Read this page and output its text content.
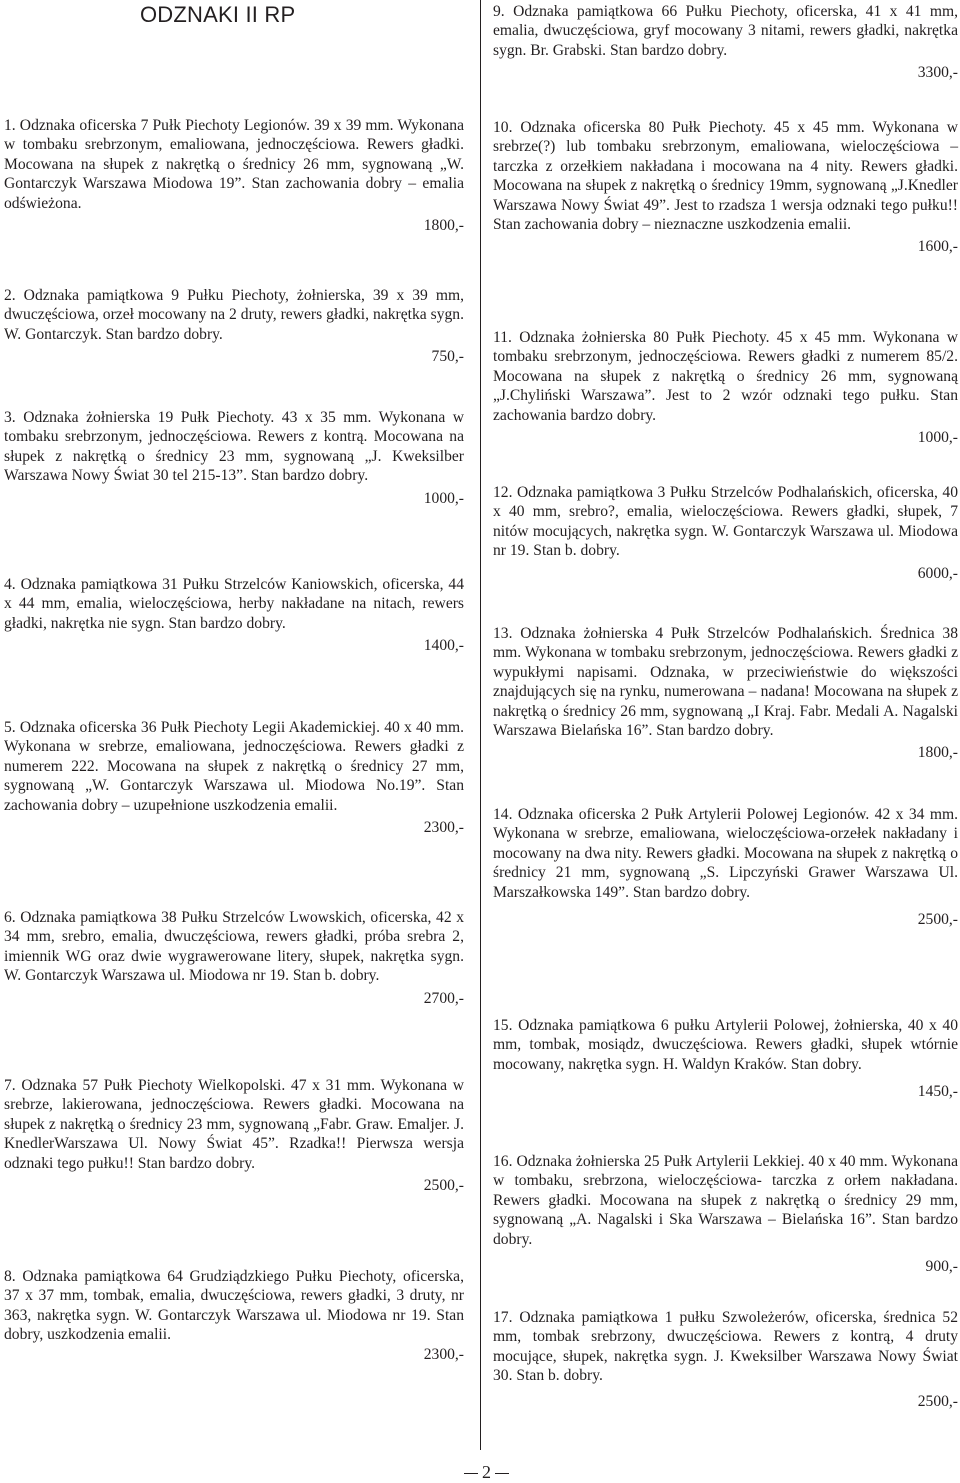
ODZNAKI II RP
1. Odznaka oficerska 7 Pułk Piechoty Legionów. 39 x 39 mm. Wykonana w tombaku srebrzonym, emaliowana, jednoczęściowa. Rewers gładki. Mocowana na słupek z nakrętką o średnicy 26 mm, sygnowaną „W. Gontarczyk Warszawa Miodowa 19”. Stan zachowania dobry – emalia odświeżona.
1800,-
2. Odznaka pamiątkowa 9 Pułku Piechoty, żołnierska, 39 x 39 mm, dwuczęściowa, orzeł mocowany na 2 druty, rewers gładki, nakrętka sygn. W. Gontarczyk. Stan bardzo dobry.
750,-
3. Odznaka żołnierska 19 Pułk Piechoty. 43 x 35 mm. Wykonana w tombaku srebrzonym, jednoczęściowa. Rewers z kontrą. Mocowana na słupek z nakrętką o średnicy 23 mm, sygnowaną „J. Kweksilber Warszawa Nowy Świat 30 tel 215-13”. Stan bardzo dobry.
1000,-
4. Odznaka pamiątkowa 31 Pułku Strzelców Kaniowskich, oficerska, 44 x 44 mm, emalia, wieloczęściowa, herby nakładane na nitach, rewers gładki, nakrętka nie sygn. Stan bardzo dobry.
1400,-
5. Odznaka oficerska 36 Pułk Piechoty Legii Akademickiej. 40 x 40 mm. Wykonana w srebrze, emaliowana, jednoczęściowa. Rewers gładki z numerem 222. Mocowana na słupek z nakrętką o średnicy 27 mm, sygnowaną „W. Gontarczyk Warszawa ul. Miodowa No.19”. Stan zachowania dobry – uzupełnione uszkodzenia emalii.
2300,-
6. Odznaka pamiątkowa 38 Pułku Strzelców Lwowskich, oficerska, 42 x 34 mm, srebro, emalia, dwuczęściowa, rewers gładki, próba srebra 2, imiennik WG oraz dwie wygrawerowane litery, słupek, nakrętka sygn. W. Gontarczyk Warszawa ul. Miodowa nr 19. Stan b. dobry.
2700,-
7. Odznaka 57 Pułk Piechoty Wielkopolski. 47 x 31 mm. Wykonana w srebrze, lakierowana, jednoczęściowa. Rewers gładki. Mocowana na słupek z nakrętką o średnicy 23 mm, sygnowaną „Fabr. Graw. Emaljer. J. KnedlerWarszawa Ul. Nowy Świat 45”. Rzadka!! Pierwsza wersja odznaki tego pułku!! Stan bardzo dobry.
2500,-
8. Odznaka pamiątkowa 64 Grudziądzkiego Pułku Piechoty, oficerska, 37 x 37 mm, tombak, emalia, dwuczęściowa, rewers gładki, 3 druty, nr 363, nakrętka sygn. W. Gontarczyk Warszawa ul. Miodowa nr 19. Stan dobry, uszkodzenia emalii.
2300,-
9. Odznaka pamiątkowa 66 Pułku Piechoty, oficerska, 41 x 41 mm, emalia, dwuczęściowa, gryf mocowany 3 nitami, rewers gładki, nakrętka sygn. Br. Grabski. Stan bardzo dobry.
3300,-
10. Odznaka oficerska 80 Pułk Piechoty. 45 x 45 mm. Wykonana w srebrze(?) lub tombaku srebrzonym, emaliowana, wieloczęściowa – tarczka z orzełkiem nakładana i mocowana na 4 nity. Rewers gładki. Mocowana na słupek z nakrętką o średnicy 19mm, sygnowaną „J.Knedler Warszawa Nowy Świat 49”. Jest to rzadsza 1 wersja odznaki tego pułku!! Stan zachowania dobry – nieznaczne uszkodzenia emalii.
1600,-
11. Odznaka żołnierska 80 Pułk Piechoty. 45 x 45 mm. Wykonana w tombaku srebrzonym, jednoczęściowa. Rewers gładki z numerem 85/2. Mocowana na słupek z nakrętką o średnicy 26 mm, sygnowaną „J.Chyliński Warszawa”. Jest to 2 wzór odznaki tego pułku. Stan zachowania bardzo dobry.
1000,-
12. Odznaka pamiątkowa 3 Pułku Strzelców Podhalańskich, oficerska, 40 x 40 mm, srebro?, emalia, wieloczęściowa. Rewers gładki, słupek, 7 nitów mocujących, nakrętka sygn. W. Gontarczyk Warszawa ul. Miodowa nr 19. Stan b. dobry.
6000,-
13. Odznaka żołnierska 4 Pułk Strzelców Podhalańskich. Średnica 38 mm. Wykonana w tombaku srebrzonym, jednoczęściowa. Rewers gładki z wypukłymi napisami. Odznaka, w przeciwieństwie do większości znajdujących się na rynku, numerowana – nadana! Mocowana na słupek z nakrętką o średnicy 26 mm, sygnowaną „I Kraj. Fabr. Medali A. Nagalski Warszawa Bielańska 16”. Stan bardzo dobry.
1800,-
14. Odznaka oficerska 2 Pułk Artylerii Polowej Legionów. 42 x 34 mm. Wykonana w srebrze, emaliowana, wieloczęściowa-orzełek nakładany i mocowany na dwa nity. Rewers gładki. Mocowana na słupek z nakrętką o średnicy 21 mm, sygnowaną „S. Lipczyński Grawer Warszawa Ul. Marszałkowska 149”. Stan bardzo dobry.
2500,-
15. Odznaka pamiątkowa 6 pułku Artylerii Polowej, żołnierska, 40 x 40 mm, tombak, mosiądz, dwuczęściowa. Rewers gładki, słupek wtórnie mocowany, nakrętka sygn. H. Waldyn Kraków. Stan dobry.
1450,-
16. Odznaka żołnierska 25 Pułk Artylerii Lekkiej. 40 x 40 mm. Wykonana w tombaku, srebrzona, wieloczęściowa- tarczka z orłem nakładana. Rewers gładki. Mocowana na słupek z nakrętką o średnicy 29 mm, sygnowaną „A. Nagalski i Ska Warszawa – Bielańska 16”. Stan bardzo dobry.
900,-
17. Odznaka pamiątkowa 1 pułku Szwoleżerów, oficerska, średnica 52 mm, tombak srebrzony, dwuczęściowa. Rewers z kontrą, 4 druty mocujące, słupek, nakrętka sygn. J. Kweksilber Warszawa Nowy Świat 30. Stan b. dobry.
2500,-
2
